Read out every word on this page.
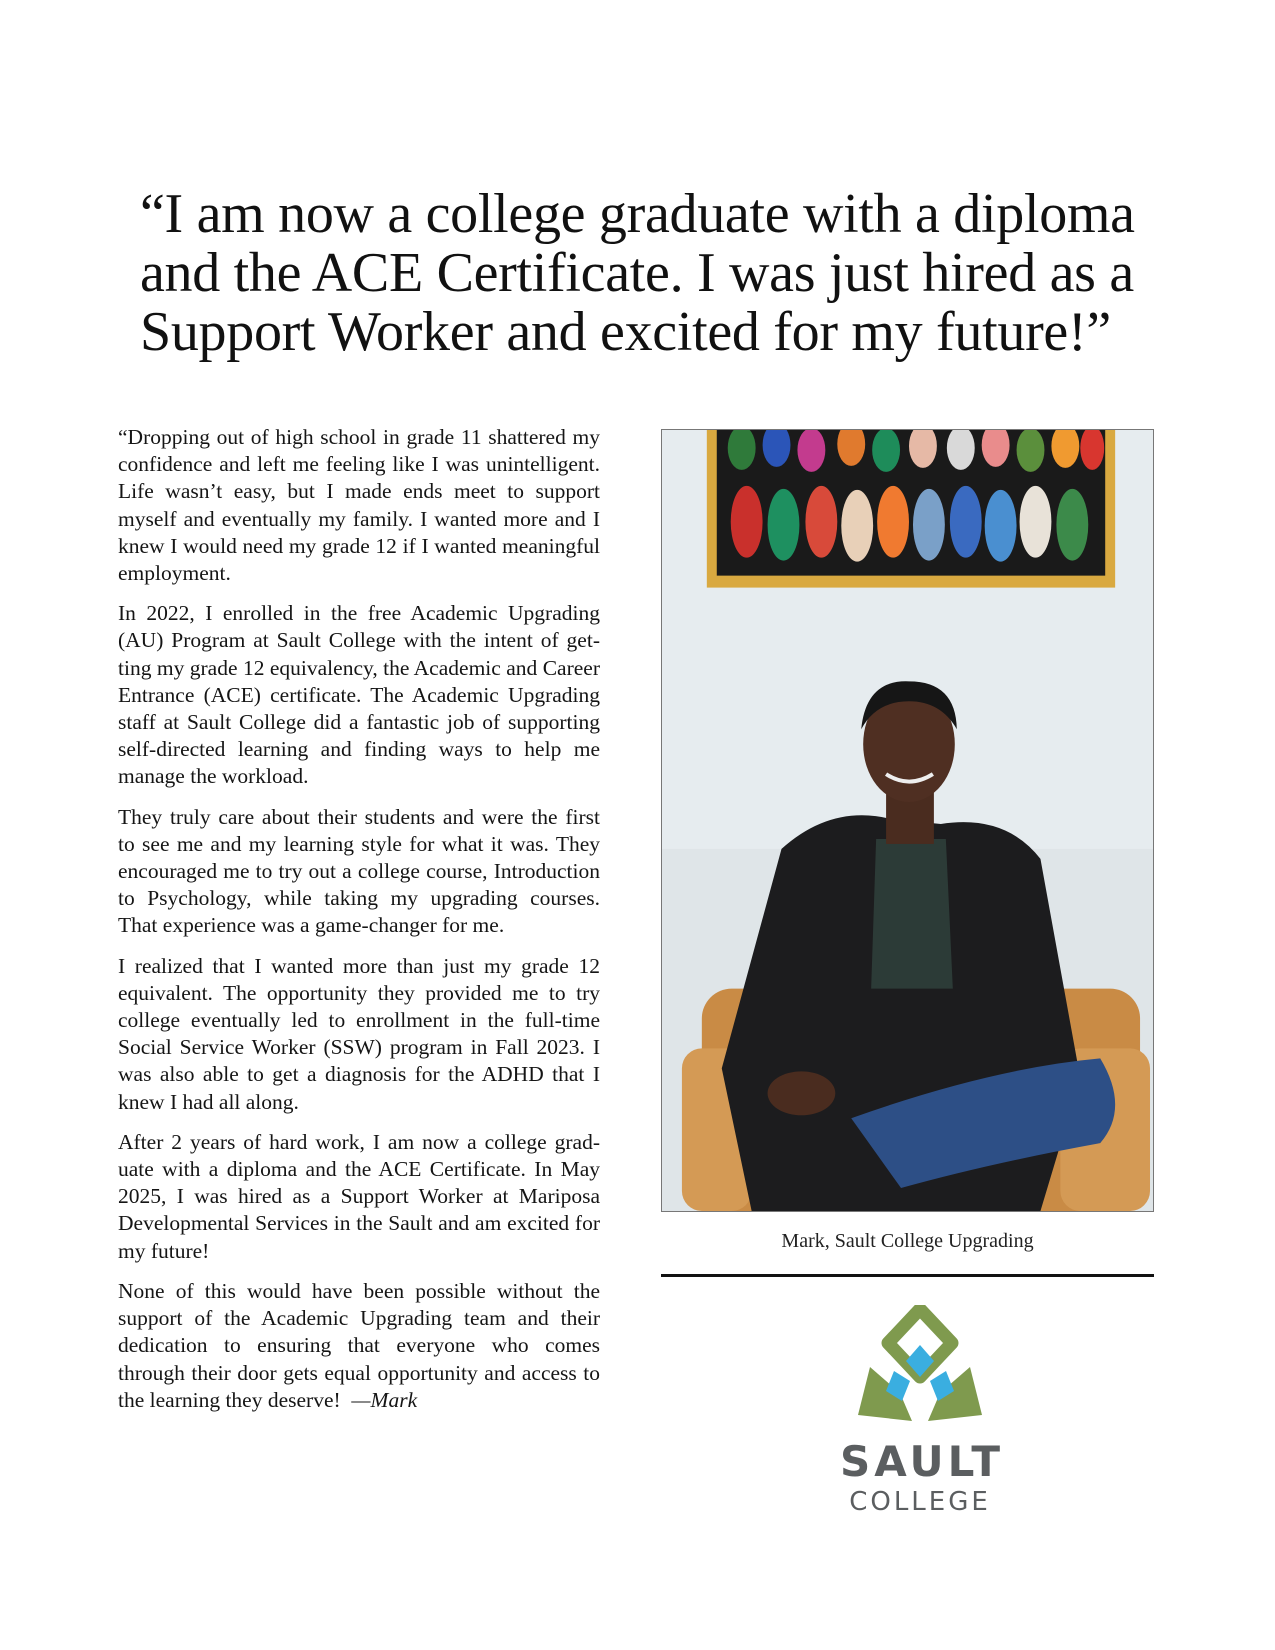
“I am now a college graduate with a diploma
and the ACE Certificate. I was just hired as a
Support Worker and excited for my future!”

“Dropping out of high school in grade 11 shattered my confidence and left me feeling like I was unintelligent. Life wasn’t easy, but I made ends meet to support myself and eventually my family. I wanted more and I knew I would need my grade 12 if I wanted meaningful employment.

In 2022, I enrolled in the free Academic Upgrading (AU) Program at Sault College with the intent of getting my grade 12 equivalency, the Academic and Career Entrance (ACE) certificate. The Academic Upgrading staff at Sault College did a fantastic job of supporting self-directed learning and finding ways to help me manage the workload.

They truly care about their students and were the first to see me and my learning style for what it was. They encouraged me to try out a college course, Introduction to Psychology, while taking my upgrading courses. That experience was a game-changer for me.

I realized that I wanted more than just my grade 12 equivalent. The opportunity they provided me to try college eventually led to enrollment in the full-time Social Service Worker (SSW) program in Fall 2023. I was also able to get a diagnosis for the ADHD that I knew I had all along.

After 2 years of hard work, I am now a college graduate with a diploma and the ACE Certificate. In May 2025, I was hired as a Support Worker at Mariposa Developmental Services in the Sault and am excited for my future!

None of this would have been possible without the support of the Academic Upgrading team and their dedication to ensuring that everyone who comes through their door gets equal opportunity and access to the learning they deserve! —Mark

Mark, Sault College Upgrading
SAULT
COLLEGE
